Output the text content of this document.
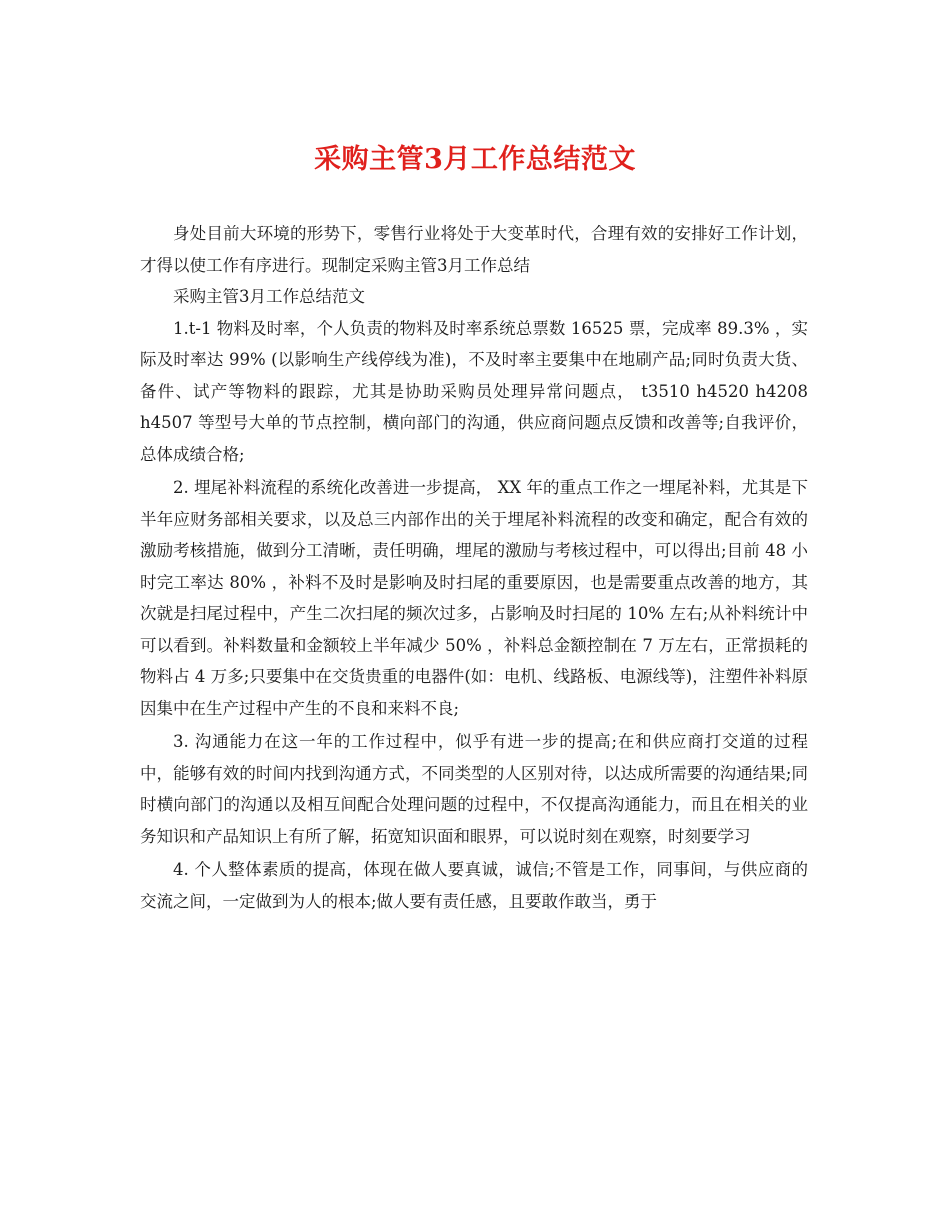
采购主管3月工作总结范文

身处目前大环境的形势下，零售行业将处于大变革时代，合理有效的安排好工作计划，才得以使工作有序进行。现制定采购主管3月工作总结

采购主管3月工作总结范文

1.t-1 物料及时率，个人负责的物料及时率系统总票数 16525 票，完成率 89.3% ，实际及时率达 99% (以影响生产线停线为准)，不及时率主要集中在地刷产品;同时负责大货、备件、试产等物料的跟踪，尤其是协助采购员处理异常问题点， t3510 h4520 h4208 h4507 等型号大单的节点控制，横向部门的沟通，供应商问题点反馈和改善等;自我评价，总体成绩合格;

2. 埋尾补料流程的系统化改善进一步提高， XX 年的重点工作之一埋尾补料，尤其是下半年应财务部相关要求，以及总三内部作出的关于埋尾补料流程的改变和确定，配合有效的激励考核措施，做到分工清晰，责任明确，埋尾的激励与考核过程中，可以得出;目前 48 小时完工率达 80% ，补料不及时是影响及时扫尾的重要原因，也是需要重点改善的地方，其次就是扫尾过程中，产生二次扫尾的频次过多，占影响及时扫尾的 10% 左右;从补料统计中可以看到。补料数量和金额较上半年减少 50% ，补料总金额控制在 7 万左右，正常损耗的物料占 4 万多;只要集中在交货贵重的电器件(如：电机、线路板、电源线等)，注塑件补料原因集中在生产过程中产生的不良和来料不良;

3. 沟通能力在这一年的工作过程中，似乎有进一步的提高;在和供应商打交道的过程中，能够有效的时间内找到沟通方式，不同类型的人区别对待，以达成所需要的沟通结果;同时横向部门的沟通以及相互间配合处理问题的过程中，不仅提高沟通能力，而且在相关的业务知识和产品知识上有所了解，拓宽知识面和眼界，可以说时刻在观察，时刻要学习

4. 个人整体素质的提高，体现在做人要真诚，诚信;不管是工作，同事间，与供应商的交流之间，一定做到为人的根本;做人要有责任感，且要敢作敢当，勇于
